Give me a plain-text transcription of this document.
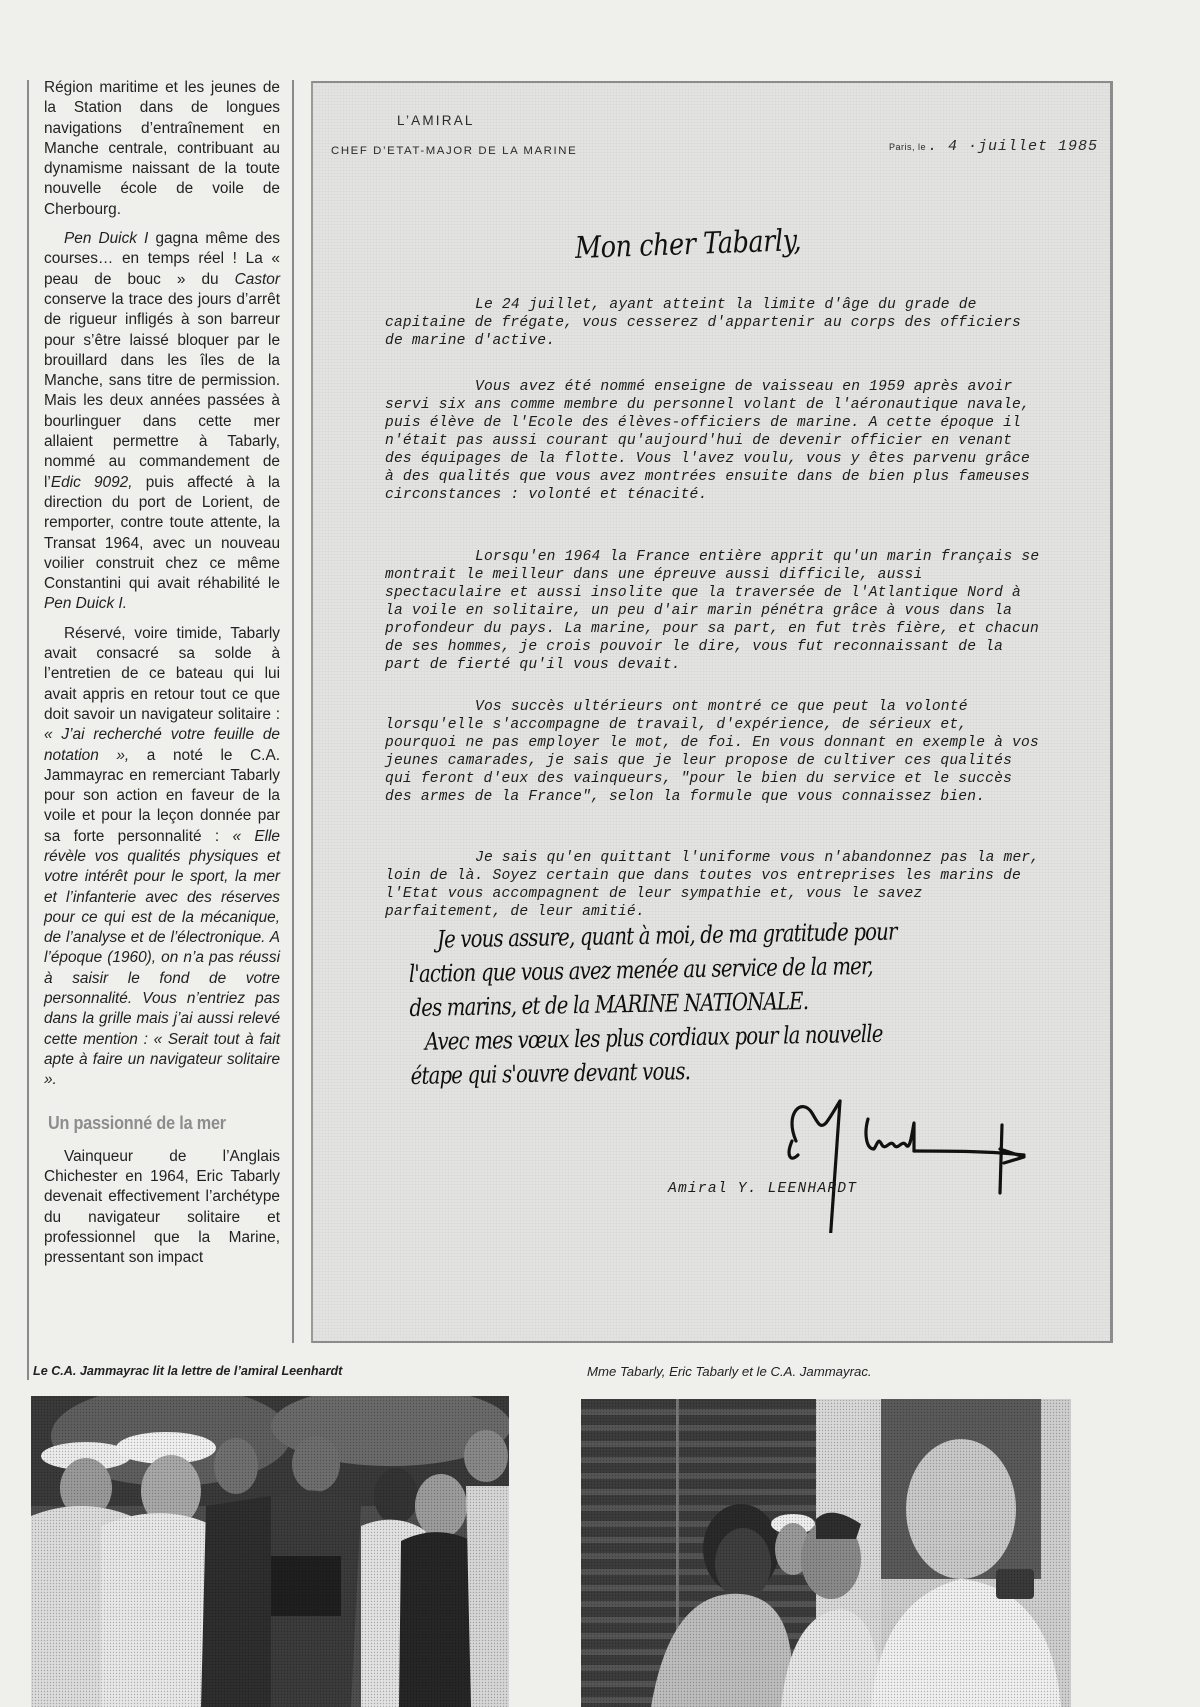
Région maritime et les jeunes de la Station dans de longues navigations d’entraînement en Manche centrale, contribuant au dynamisme naissant de la toute nouvelle école de voile de Cherbourg.

Pen Duick I gagna même des courses… en temps réel ! La « peau de bouc » du Castor conserve la trace des jours d’arrêt de rigueur infligés à son barreur pour s’être laissé bloquer par le brouillard dans les îles de la Manche, sans titre de permission. Mais les deux années passées à bourlinguer dans cette mer allaient permettre à Tabarly, nommé au commandement de l’Edic 9092, puis affecté à la direction du port de Lorient, de remporter, contre toute attente, la Transat 1964, avec un nouveau voilier construit chez ce même Constantini qui avait réhabilité le Pen Duick I.

Réservé, voire timide, Tabarly avait consacré sa solde à l’entretien de ce bateau qui lui avait appris en retour tout ce que doit savoir un navigateur solitaire : « J’ai recherché votre feuille de notation », a noté le C.A. Jammayrac en remerciant Tabarly pour son action en faveur de la voile et pour la leçon donnée par sa forte personnalité : « Elle révèle vos qualités physiques et votre intérêt pour le sport, la mer et l’infanterie avec des réserves pour ce qui est de la mécanique, de l’analyse et de l’électronique. A l’époque (1960), on n’a pas réussi à saisir le fond de votre personnalité. Vous n’entriez pas dans la grille mais j’ai aussi relevé cette mention : « Serait tout à fait apte à faire un navigateur solitaire ».

Un passionné de la mer

Vainqueur de l’Anglais Chichester en 1964, Eric Tabarly devenait effectivement l’archétype du navigateur solitaire et professionnel que la Marine, pressentant son impact

L’AMIRAL
CHEF D’ETAT-MAJOR DE LA MARINE	Paris, le . 4 ·juillet 1985
Mon cher Tabarly,

Le 24 juillet, ayant atteint la limite d'âge du grade de capitaine de frégate, vous cesserez d'appartenir au corps des officiers de marine d'active.

Vous avez été nommé enseigne de vaisseau en 1959 après avoir servi six ans comme membre du personnel volant de l'aéronautique navale, puis élève de l'Ecole des élèves-officiers de marine. A cette époque il n'était pas aussi courant qu'aujourd'hui de devenir officier en venant des équipages de la flotte. Vous l'avez voulu, vous y êtes parvenu grâce à des qualités que vous avez montrées ensuite dans de bien plus fameuses circonstances : volonté et ténacité.

Lorsqu'en 1964 la France entière apprit qu'un marin français se montrait le meilleur dans une épreuve aussi difficile, aussi spectaculaire et aussi insolite que la traversée de l'Atlantique Nord à la voile en solitaire, un peu d'air marin pénétra grâce à vous dans la profondeur du pays. La marine, pour sa part, en fut très fière, et chacun de ses hommes, je crois pouvoir le dire, vous fut reconnaissant de la part de fierté qu'il vous devait.

Vos succès ultérieurs ont montré ce que peut la volonté lorsqu'elle s'accompagne de travail, d'expérience, de sérieux et, pourquoi ne pas employer le mot, de foi. En vous donnant en exemple à vos jeunes camarades, je sais que je leur propose de cultiver ces qualités qui feront d'eux des vainqueurs, "pour le bien du service et le succès des armes de la France", selon la formule que vous connaissez bien.

Je sais qu'en quittant l'uniforme vous n'abandonnez pas la mer, loin de là. Soyez certain que dans toutes vos entreprises les marins de l'Etat vous accompagnent de leur sympathie et, vous le savez parfaitement, de leur amitié.

Je vous assure, quant à moi, de ma gratitude pour
l'action que vous avez menée au service de la mer,
des marins, et de la MARINE NATIONALE.
Avec mes vœux les plus cordiaux pour la nouvelle
étape qui s'ouvre devant vous.
Amiral Y. LEENHARDT
Le C.A. Jammayrac lit la lettre de l’amiral Leenhardt	Mme Tabarly, Eric Tabarly et le C.A. Jammayrac.
